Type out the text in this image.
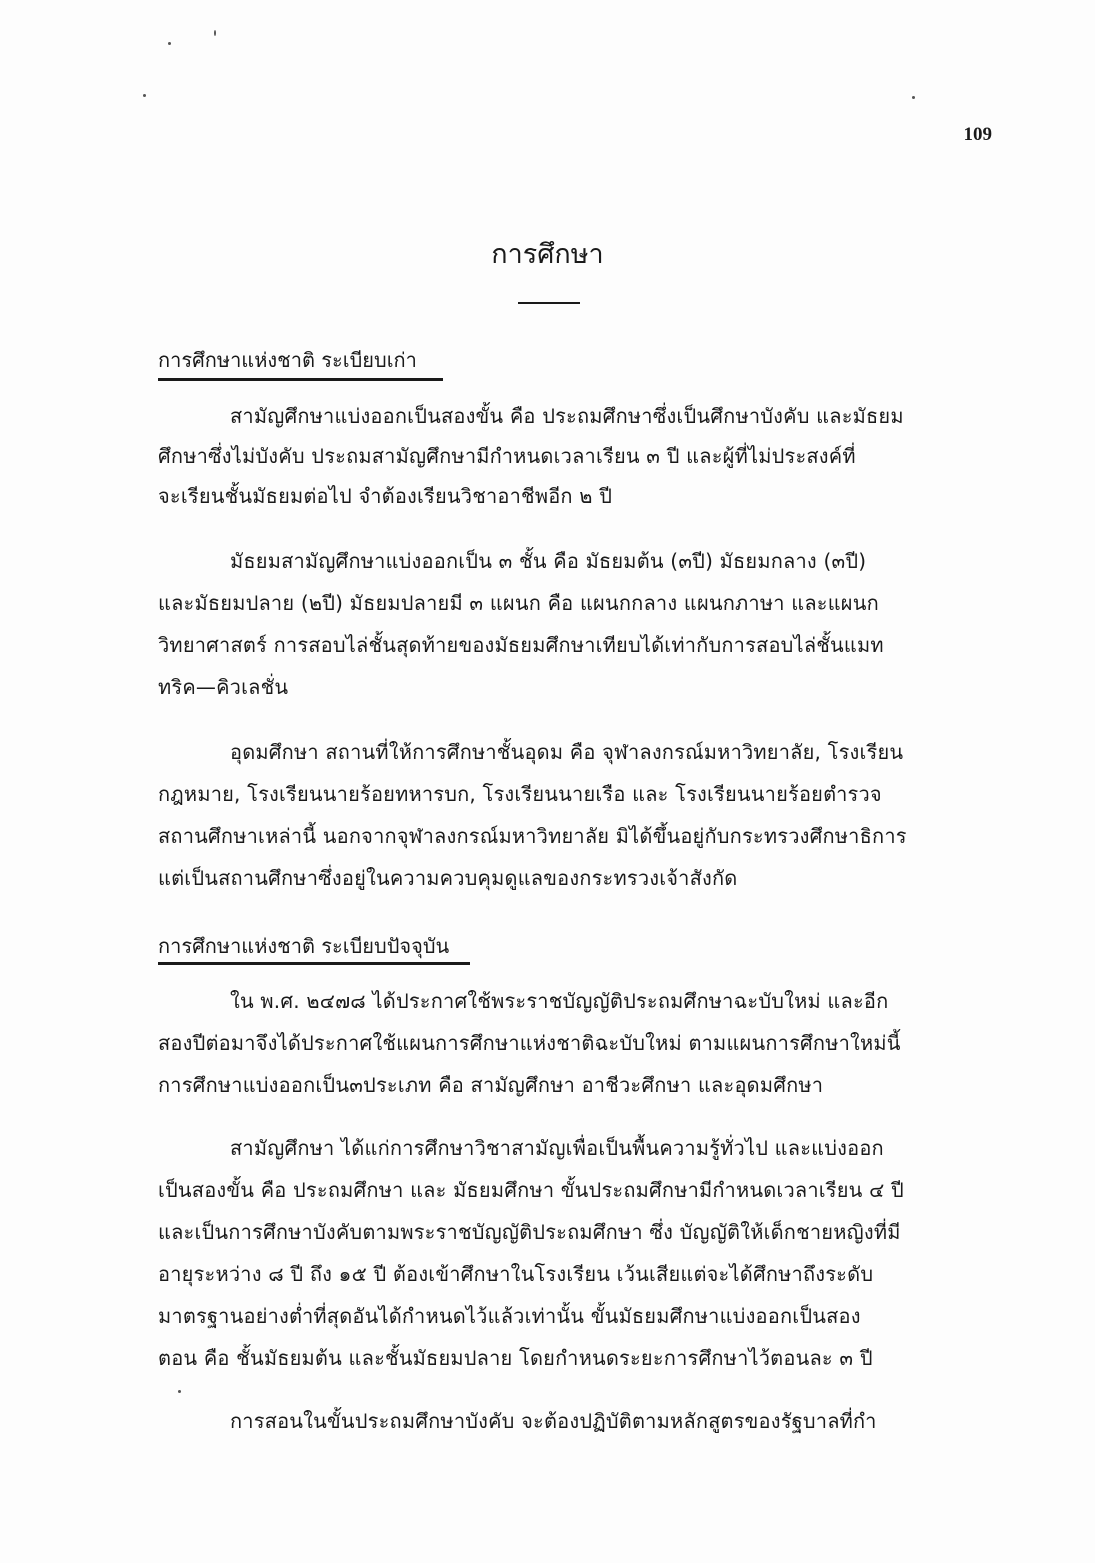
109
การศึกษา
การศึกษาแห่งชาติ ระเบียบเก่า
สามัญศึกษาแบ่งออกเป็นสองขั้น คือ ประถมศึกษาซึ่งเป็นศึกษาบังคับ และมัธยม
ศึกษาซึ่งไม่บังคับ ประถมสามัญศึกษามีกำหนดเวลาเรียน ๓ ปี และผู้ที่ไม่ประสงค์ที่
จะเรียนชั้นมัธยมต่อไป จำต้องเรียนวิชาอาชีพอีก ๒ ปี
มัธยมสามัญศึกษาแบ่งออกเป็น ๓ ชั้น คือ มัธยมต้น (๓ปี) มัธยมกลาง (๓ปี)
และมัธยมปลาย (๒ปี) มัธยมปลายมี ๓ แผนก คือ แผนกกลาง แผนกภาษา และแผนก
วิทยาศาสตร์ การสอบไล่ชั้นสุดท้ายของมัธยมศึกษาเทียบได้เท่ากับการสอบไล่ชั้นแมท
ทริค—คิวเลชั่น
อุดมศึกษา สถานที่ให้การศึกษาชั้นอุดม คือ จุฬาลงกรณ์มหาวิทยาลัย, โรงเรียน
กฎหมาย, โรงเรียนนายร้อยทหารบก, โรงเรียนนายเรือ และ โรงเรียนนายร้อยตำรวจ
สถานศึกษาเหล่านี้ นอกจากจุฬาลงกรณ์มหาวิทยาลัย มิได้ขึ้นอยู่กับกระทรวงศึกษาธิการ
แต่เป็นสถานศึกษาซึ่งอยู่ในความควบคุมดูแลของกระทรวงเจ้าสังกัด
การศึกษาแห่งชาติ ระเบียบปัจจุบัน
ใน พ.ศ. ๒๔๗๘ ได้ประกาศใช้พระราชบัญญัติประถมศึกษาฉะบับใหม่ และอีก
สองปีต่อมาจึงได้ประกาศใช้แผนการศึกษาแห่งชาติฉะบับใหม่ ตามแผนการศึกษาใหม่นี้
การศึกษาแบ่งออกเป็น๓ประเภท คือ สามัญศึกษา อาชีวะศึกษา และอุดมศึกษา
สามัญศึกษา ได้แก่การศึกษาวิชาสามัญเพื่อเป็นพื้นความรู้ทั่วไป และแบ่งออก
เป็นสองขั้น คือ ประถมศึกษา และ มัธยมศึกษา ขั้นประถมศึกษามีกำหนดเวลาเรียน ๔ ปี
และเป็นการศึกษาบังคับตามพระราชบัญญัติประถมศึกษา ซึ่ง บัญญัติให้เด็กชายหญิงที่มี
อายุระหว่าง ๘ ปี ถึง ๑๕ ปี ต้องเข้าศึกษาในโรงเรียน เว้นเสียแต่จะได้ศึกษาถึงระดับ
มาตรฐานอย่างต่ำที่สุดอันได้กำหนดไว้แล้วเท่านั้น ขั้นมัธยมศึกษาแบ่งออกเป็นสอง
ตอน คือ ชั้นมัธยมต้น และชั้นมัธยมปลาย โดยกำหนดระยะการศึกษาไว้ตอนละ ๓ ปี
การสอนในขั้นประถมศึกษาบังคับ จะต้องปฏิบัติตามหลักสูตรของรัฐบาลที่กำ
